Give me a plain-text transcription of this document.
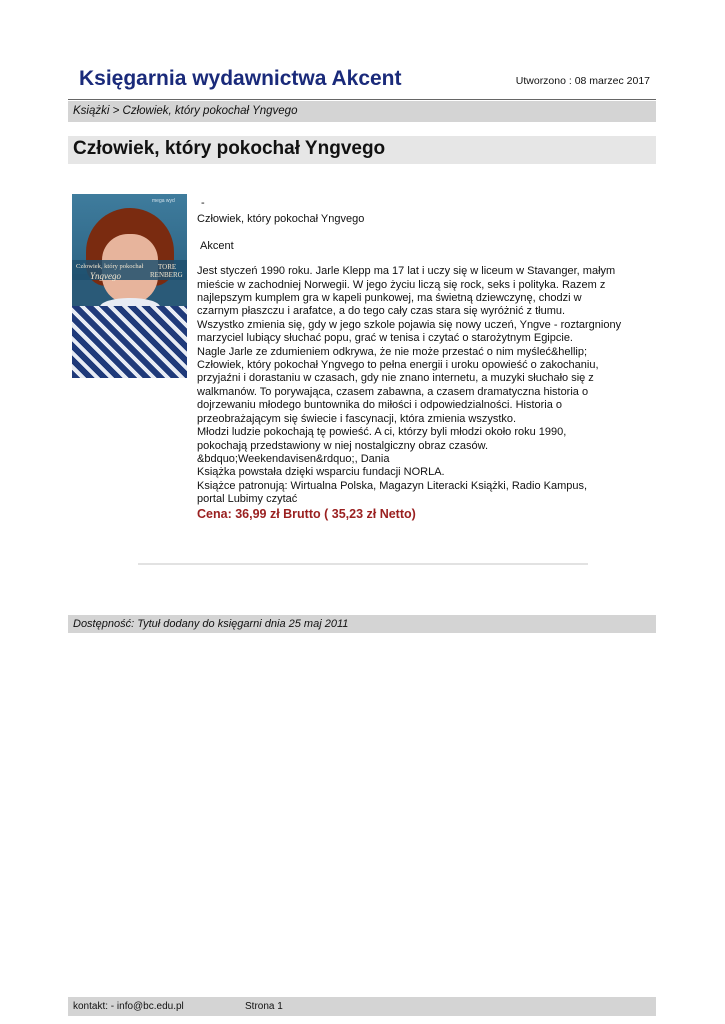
Księgarnia wydawnictwa Akcent	Utworzono : 08 marzec 2017
Książki > Człowiek, który pokochał Yngvego
Człowiek, który pokochał Yngvego
mega wyd
Człowiek, który pokochał
Yngvego
TORE
RENBERG
-
Człowiek, który pokochał Yngvego
Akcent
Jest styczeń 1990 roku. Jarle Klepp ma 17 lat i uczy się w liceum w Stavanger, małym
mieście w zachodniej Norwegii. W jego życiu liczą się rock, seks i polityka. Razem z
najlepszym kumplem gra w kapeli punkowej, ma świetną dziewczynę, chodzi w
czarnym płaszczu i arafatce, a do tego cały czas stara się wyróżnić z tłumu.
Wszystko zmienia się, gdy w jego szkole pojawia się nowy uczeń, Yngve - roztargniony
marzyciel lubiący słuchać popu, grać w tenisa i czytać o starożytnym Egipcie.
Nagle Jarle ze zdumieniem odkrywa, że nie może przestać o nim myśleć&hellip;
Człowiek, który pokochał Yngvego to pełna energii i uroku opowieść o zakochaniu,
przyjaźni i dorastaniu w czasach, gdy nie znano internetu, a muzyki słuchało się z
walkmanów. To porywająca, czasem zabawna, a czasem dramatyczna historia o
dojrzewaniu młodego buntownika do miłości i odpowiedzialności. Historia o
przeobrażającym się świecie i fascynacji, która zmienia wszystko.
Młodzi ludzie pokochają tę powieść. A ci, którzy byli młodzi około roku 1990,
pokochają przedstawiony w niej nostalgiczny obraz czasów.
&bdquo;Weekendavisen&rdquo;, Dania
Książka powstała dzięki wsparciu fundacji NORLA.
Książce patronują: Wirtualna Polska, Magazyn Literacki Książki, Radio Kampus,
portal Lubimy czytać
Cena: 36,99 zł Brutto ( 35,23 zł Netto)
Dostępność: Tytuł dodany do księgarni dnia 25 maj 2011
kontakt: - info@bc.edu.pl	Strona 1
